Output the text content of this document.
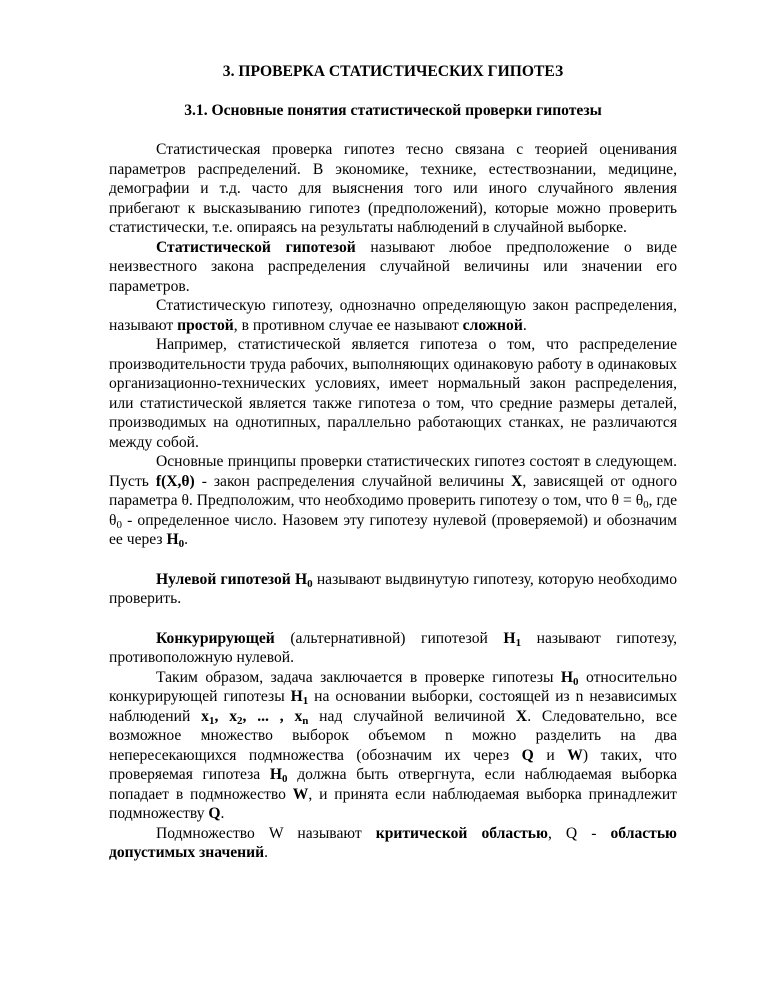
3. ПРОВЕРКА СТАТИСТИЧЕСКИХ ГИПОТЕЗ
3.1. Основные понятия статистической проверки гипотезы

Статистическая проверка гипотез тесно связана с теорией оценивания параметров распределений. В экономике, технике, естествознании, медицине, демографии и т.д. часто для выяснения того или иного случайного явления прибегают к высказыванию гипотез (предположений), которые можно проверить статистически, т.е. опираясь на результаты наблюдений в случайной выборке.

Статистической гипотезой называют любое предположение о виде неизвестного закона распределения случайной величины или значении его параметров.

Статистическую гипотезу, однозначно определяющую закон распределения, называют простой, в противном случае ее называют сложной.

Например, статистической является гипотеза о том, что распределение производительности труда рабочих, выполняющих одинаковую работу в одинаковых организационно-технических условиях, имеет нормальный закон распределения, или статистической является также гипотеза о том, что средние размеры деталей, производимых на однотипных, параллельно работающих станках, не различаются между собой.

Основные принципы проверки статистических гипотез состоят в следующем. Пусть f(X,θ) - закон распределения случайной величины X, зависящей от одного параметра θ. Предположим, что необходимо проверить гипотезу о том, что $\theta = \theta_0$, где $\theta_0$ - определенное число. Назовем эту гипотезу нулевой (проверяемой) и обозначим ее через $H_0$.

Нулевой гипотезой $H_0$ называют выдвинутую гипотезу, которую необходимо проверить.

Конкурирующей (альтернативной) гипотезой $H_1$ называют гипотезу, противоположную нулевой.

Таким образом, задача заключается в проверке гипотезы $H_0$ относительно конкурирующей гипотезы $H_1$ на основании выборки, состоящей из n независимых наблюдений $x_1$, $x_2$, ... , $x_n$ над случайной величиной X. Следовательно, все возможное множество выборок объемом n можно разделить на два непересекающихся подмножества (обозначим их через Q и W) таких, что проверяемая гипотеза $H_0$ должна быть отвергнута, если наблюдаемая выборка попадает в подмножество W, и принята если наблюдаемая выборка принадлежит подмножеству Q.

Подмножество W называют критической областью, Q - областью допустимых значений.
